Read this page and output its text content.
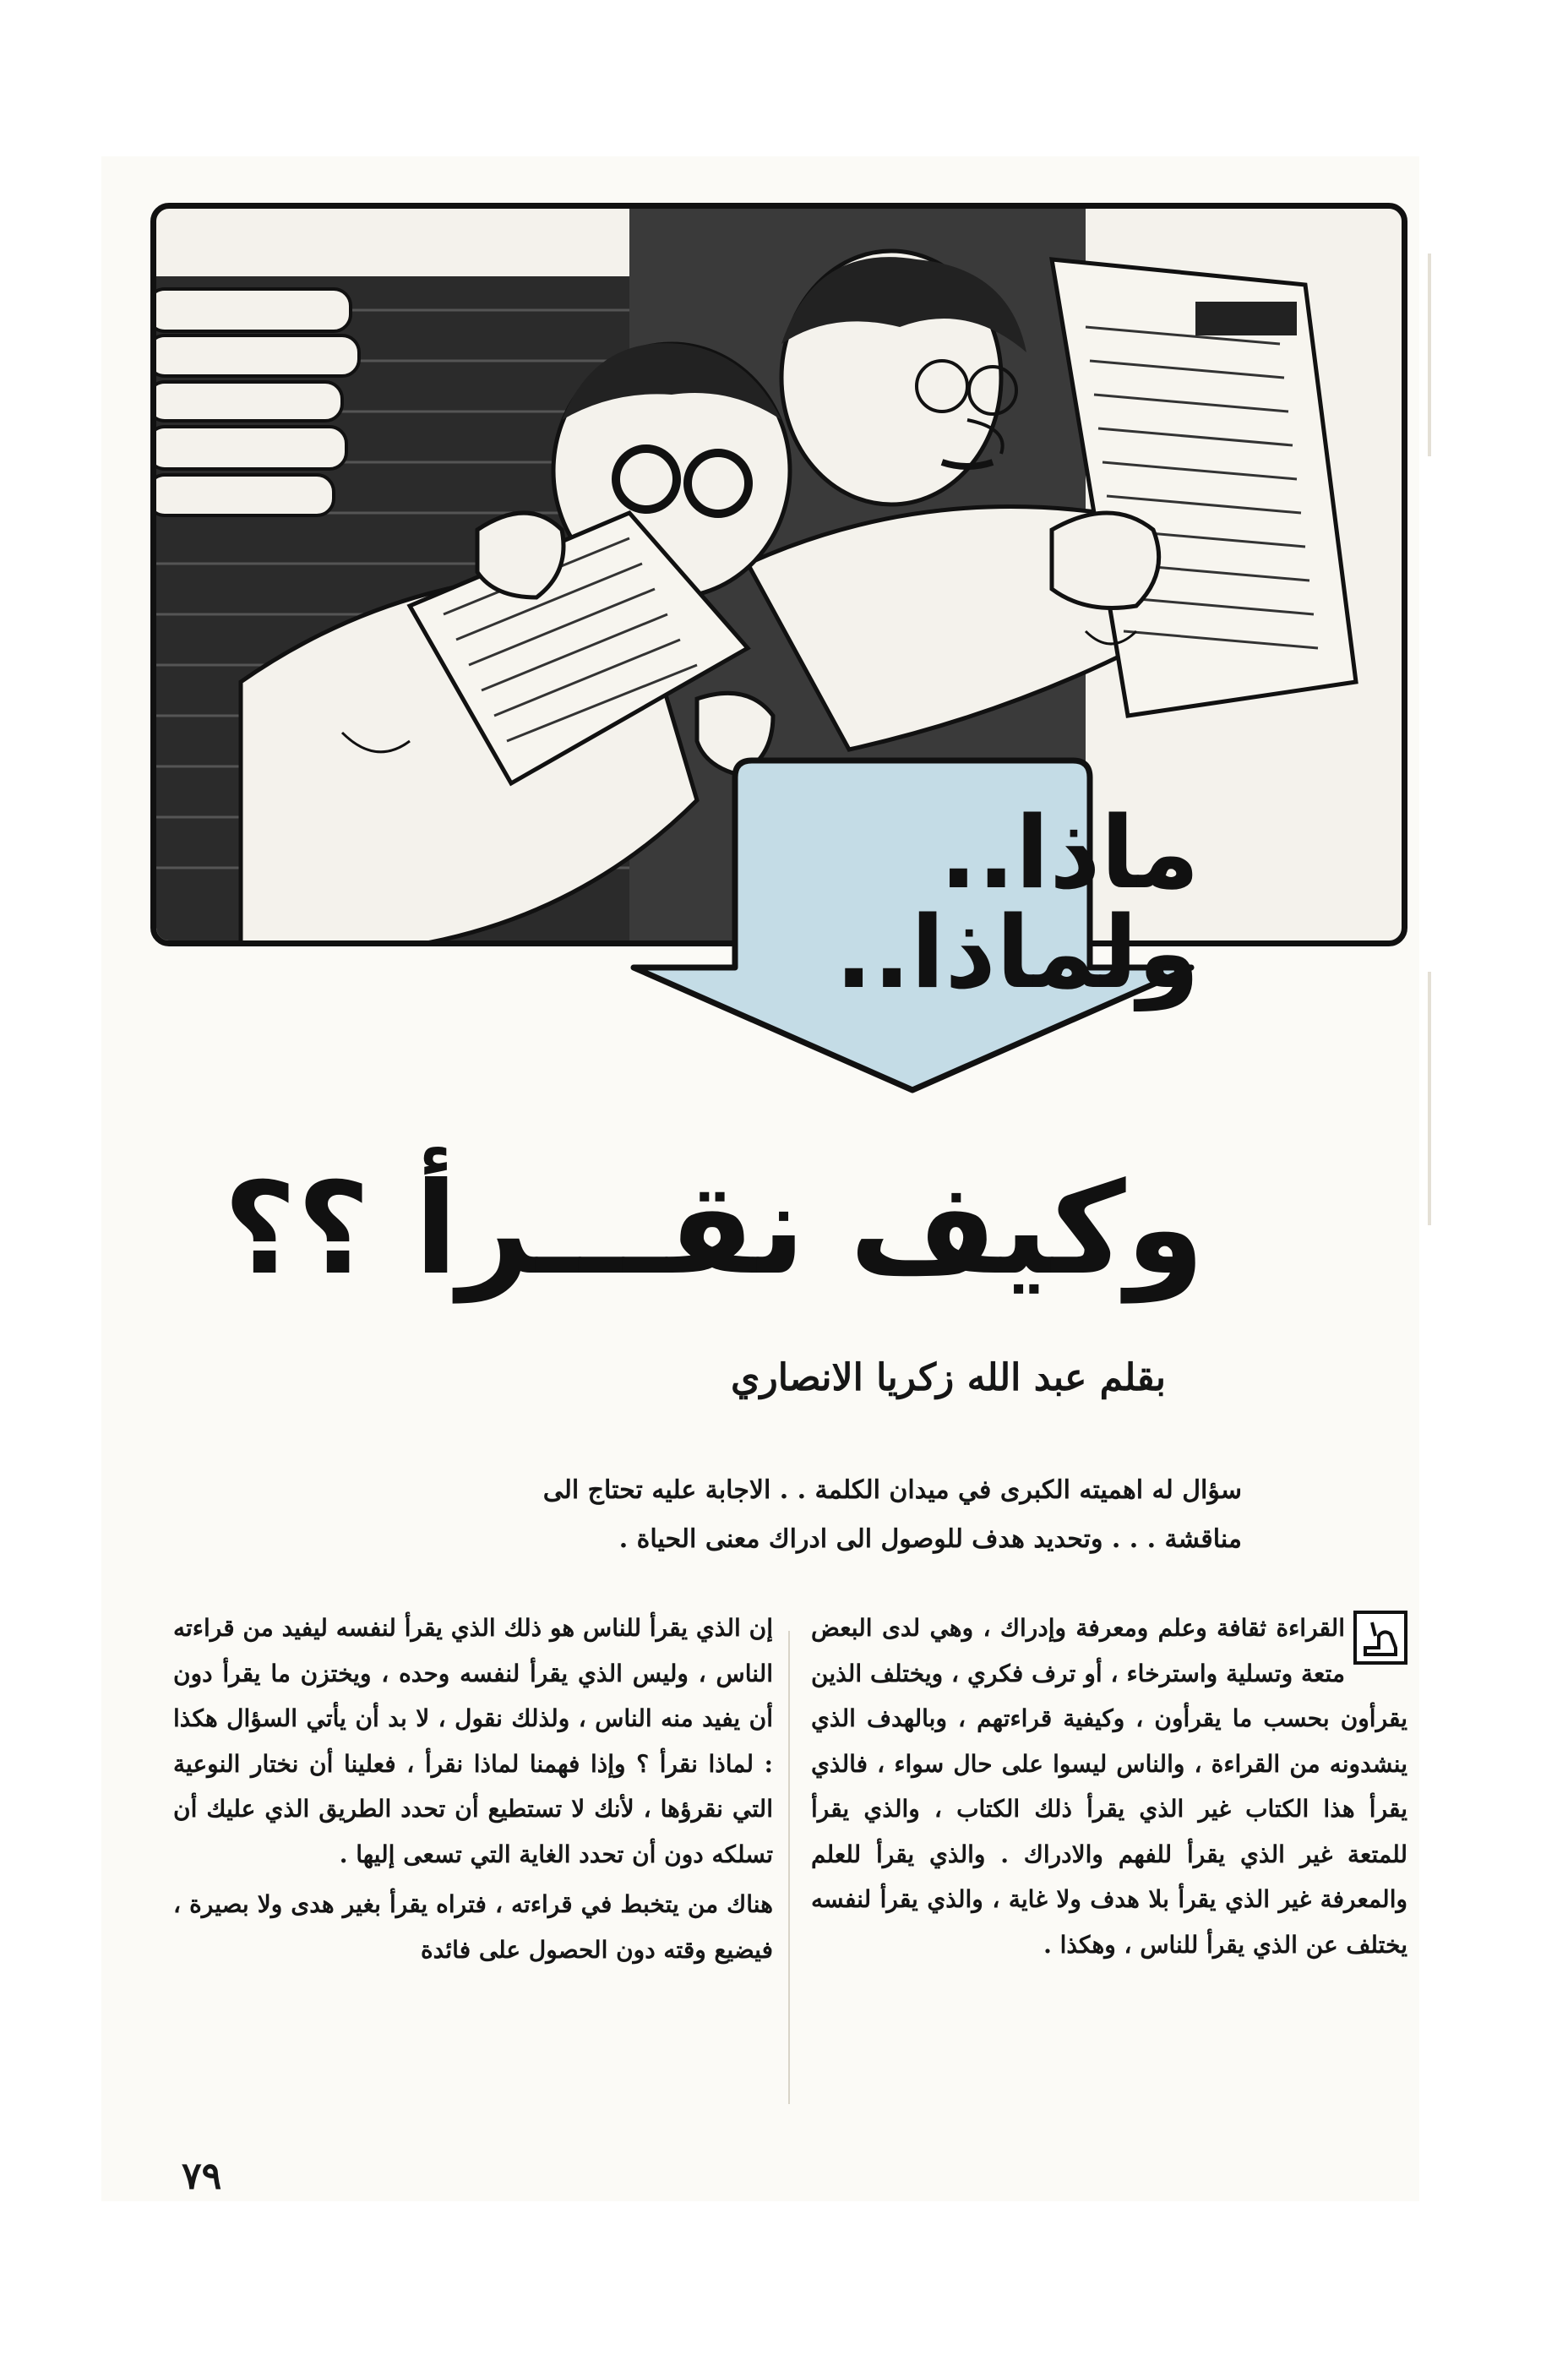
ماذا..
ولماذا..
وكيف نقـــرأ ؟؟
بقلم عبد الله زكريا الانصاري
سؤال له اهميته الكبرى في ميدان الكلمة . . الاجابة عليه تحتاج الى
مناقشة . . . وتحديد هدف للوصول الى ادراك معنى الحياة .

القراءة ثقافة وعلم ومعرفة وإدراك ، وهي لدى البعض متعة وتسلية واسترخاء ، أو ترف فكري ، ويختلف الذين يقرأون بحسب ما يقرأون ، وكيفية قراءتهم ، وبالهدف الذي ينشدونه من القراءة ، والناس ليسوا على حال سواء ، فالذي يقرأ هذا الكتاب غير الذي يقرأ ذلك الكتاب ، والذي يقرأ للمتعة غير الذي يقرأ للفهم والادراك . والذي يقرأ للعلم والمعرفة غير الذي يقرأ بلا هدف ولا غاية ، والذي يقرأ لنفسه يختلف عن الذي يقرأ للناس ، وهكذا .

إن الذي يقرأ للناس هو ذلك الذي يقرأ لنفسه ليفيد من قراءته الناس ، وليس الذي يقرأ لنفسه وحده ، ويختزن ما يقرأ دون أن يفيد منه الناس ، ولذلك نقول ، لا بد أن يأتي السؤال هكذا : لماذا نقرأ ؟ وإذا فهمنا لماذا نقرأ ، فعلينا أن نختار النوعية التي نقرؤها ، لأنك لا تستطيع أن تحدد الطريق الذي عليك أن تسلكه دون أن تحدد الغاية التي تسعى إليها .

هناك من يتخبط في قراءته ، فتراه يقرأ بغير هدى ولا بصيرة ، فيضيع وقته دون الحصول على فائدة

٧٩
